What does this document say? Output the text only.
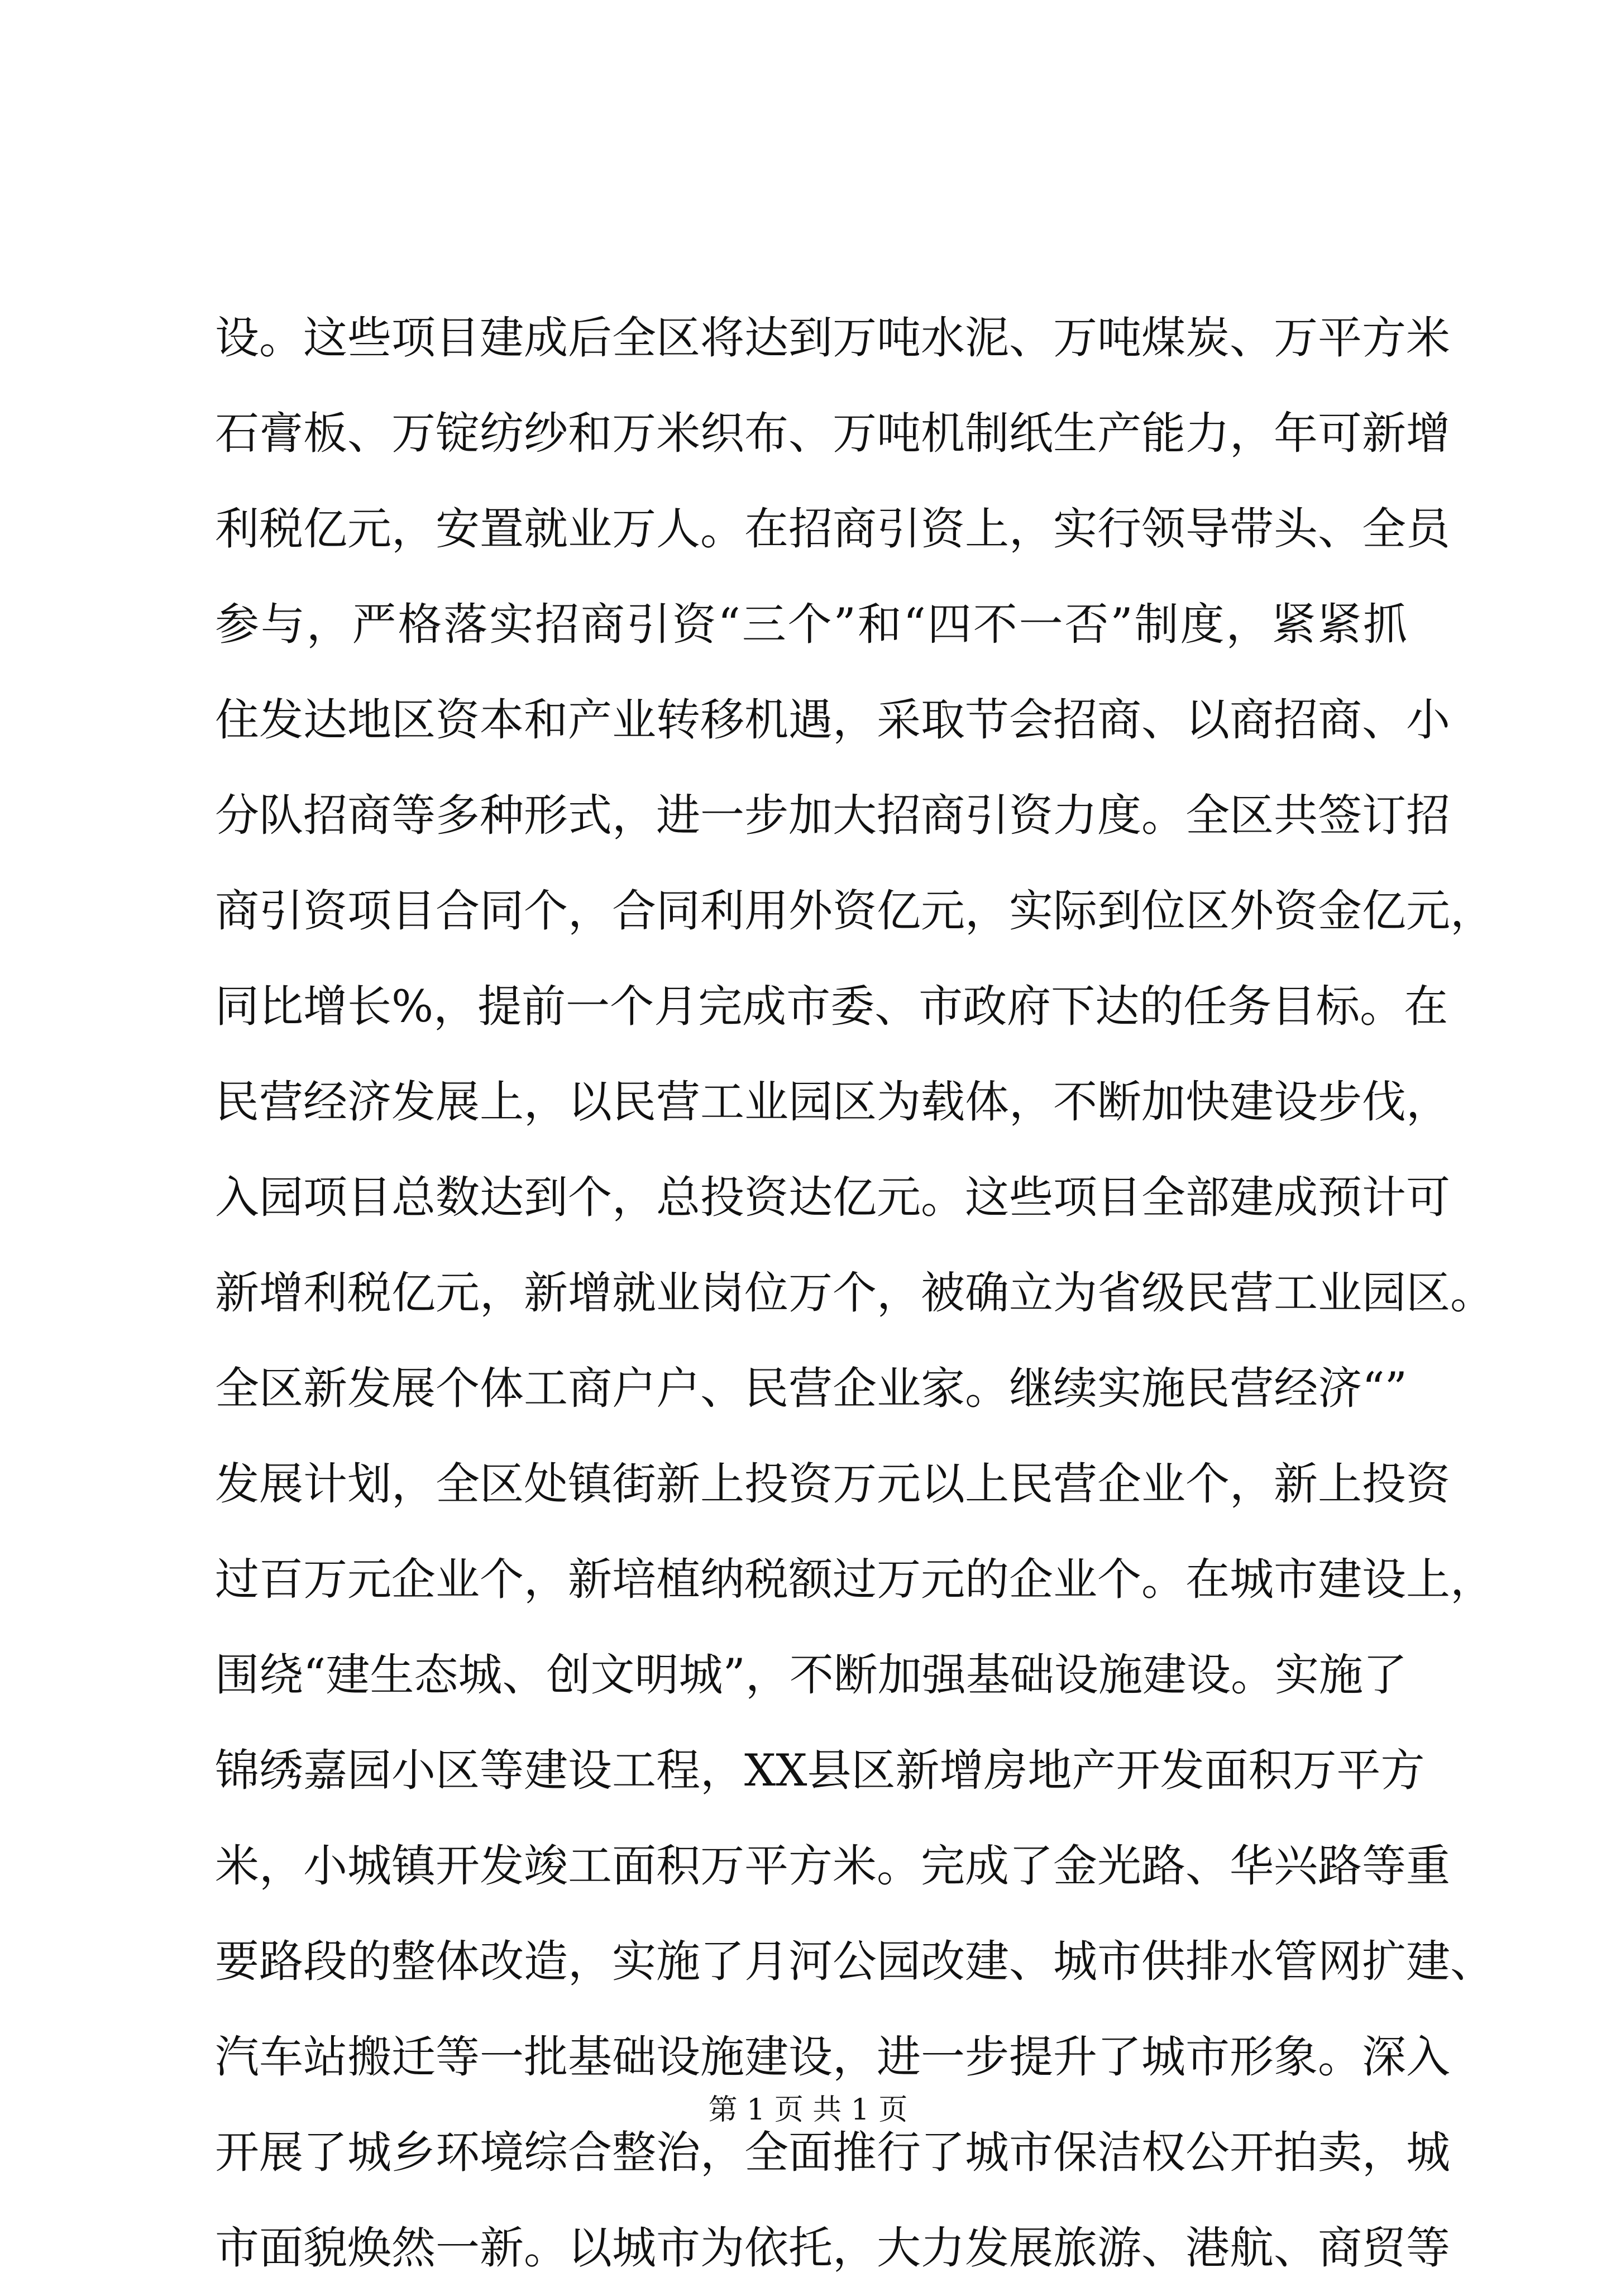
设。这些项目建成后全区将达到万吨水泥、万吨煤炭、万平方米
石膏板、万锭纺纱和万米织布、万吨机制纸生产能力，年可新增
利税亿元，安置就业万人。在招商引资上，实行领导带头、全员
参与，严格落实招商引资“三个”和“四不一否”制度，紧紧抓
住发达地区资本和产业转移机遇，采取节会招商、以商招商、小
分队招商等多种形式，进一步加大招商引资力度。全区共签订招
商引资项目合同个，合同利用外资亿元，实际到位区外资金亿元，
同比增长%，提前一个月完成市委、市政府下达的任务目标。在
民营经济发展上，以民营工业园区为载体，不断加快建设步伐，
入园项目总数达到个，总投资达亿元。这些项目全部建成预计可
新增利税亿元，新增就业岗位万个，被确立为省级民营工业园区。
全区新发展个体工商户户、民营企业家。继续实施民营经济“”
发展计划，全区处镇街新上投资万元以上民营企业个，新上投资
过百万元企业个，新培植纳税额过万元的企业个。在城市建设上，
围绕“建生态城、创文明城”，不断加强基础设施建设。实施了
锦绣嘉园小区等建设工程，XX县区新增房地产开发面积万平方
米，小城镇开发竣工面积万平方米。完成了金光路、华兴路等重
要路段的整体改造，实施了月河公园改建、城市供排水管网扩建、
汽车站搬迁等一批基础设施建设，进一步提升了城市形象。深入
开展了城乡环境综合整治，全面推行了城市保洁权公开拍卖，城
市面貌焕然一新。以城市为依托，大力发展旅游、港航、商贸等
第 1 页 共 1 页
